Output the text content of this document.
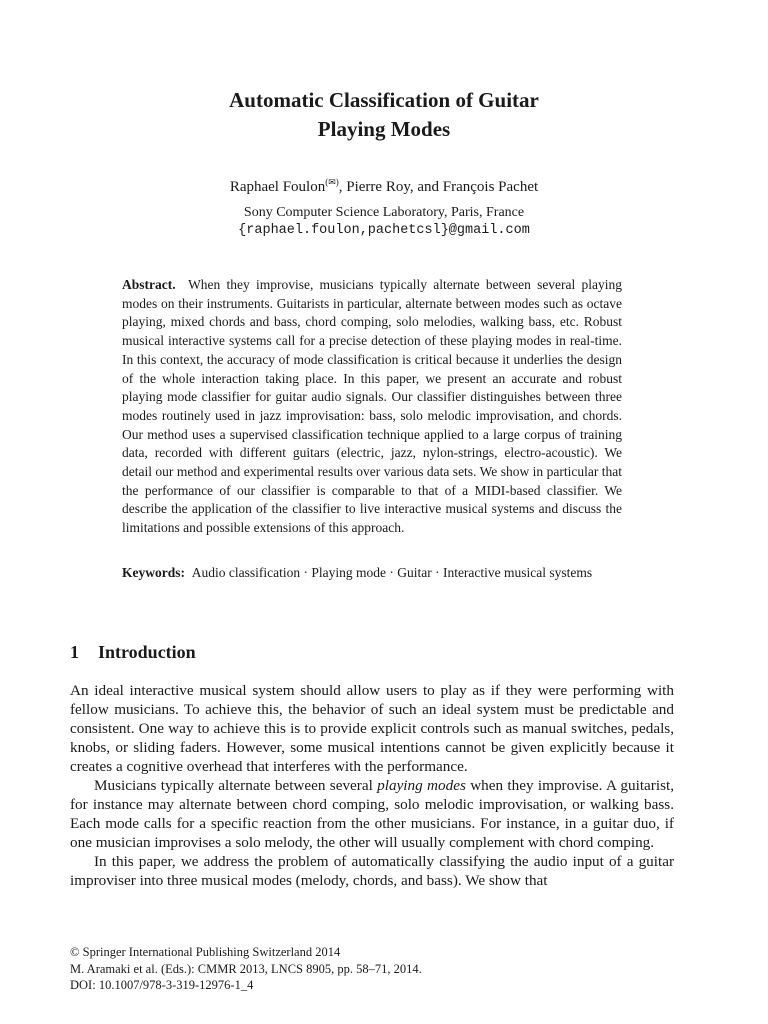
Automatic Classification of Guitar
Playing Modes
Raphael Foulon(✉), Pierre Roy, and François Pachet
Sony Computer Science Laboratory, Paris, France
{raphael.foulon,pachetcsl}@gmail.com
Abstract. When they improvise, musicians typically alternate between several playing modes on their instruments. Guitarists in particular, alternate between modes such as octave playing, mixed chords and bass, chord comping, solo melodies, walking bass, etc. Robust musical interactive systems call for a precise detection of these playing modes in real-time. In this context, the accuracy of mode classification is critical because it underlies the design of the whole interaction taking place. In this paper, we present an accurate and robust playing mode classifier for guitar audio signals. Our classifier distinguishes between three modes routinely used in jazz improvisation: bass, solo melodic improvisation, and chords. Our method uses a supervised classification technique applied to a large corpus of training data, recorded with different guitars (electric, jazz, nylon-strings, electro-acoustic). We detail our method and experimental results over various data sets. We show in particular that the performance of our classifier is comparable to that of a MIDI-based classifier. We describe the application of the classifier to live interactive musical systems and discuss the limitations and possible extensions of this approach.
Keywords: Audio classification · Playing mode · Guitar · Interactive musical systems
1 Introduction

An ideal interactive musical system should allow users to play as if they were performing with fellow musicians. To achieve this, the behavior of such an ideal system must be predictable and consistent. One way to achieve this is to provide explicit controls such as manual switches, pedals, knobs, or sliding faders. However, some musical intentions cannot be given explicitly because it creates a cognitive overhead that interferes with the performance.

Musicians typically alternate between several playing modes when they improvise. A guitarist, for instance may alternate between chord comping, solo melodic improvisation, or walking bass. Each mode calls for a specific reaction from the other musicians. For instance, in a guitar duo, if one musician improvises a solo melody, the other will usually complement with chord comping.

In this paper, we address the problem of automatically classifying the audio input of a guitar improviser into three musical modes (melody, chords, and bass). We show that

© Springer International Publishing Switzerland 2014
M. Aramaki et al. (Eds.): CMMR 2013, LNCS 8905, pp. 58–71, 2014.
DOI: 10.1007/978-3-319-12976-1_4
